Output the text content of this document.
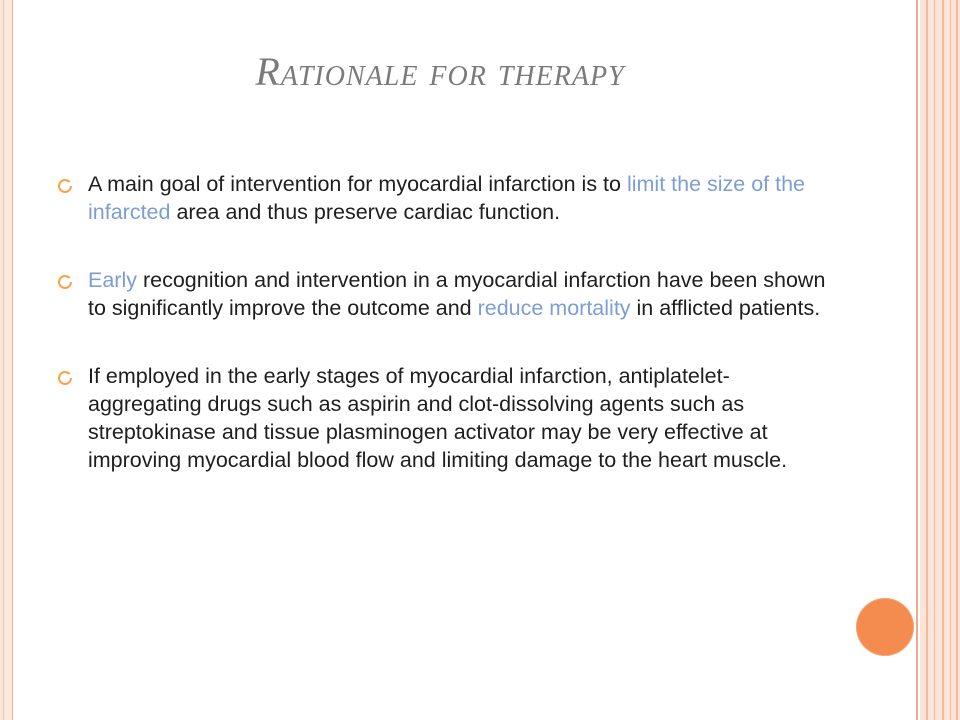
Rationale for therapy
A main goal of intervention for myocardial infarction is to limit the size of the infarcted area and thus preserve cardiac function.
Early recognition and intervention in a myocardial infarction have been shown to significantly improve the outcome and reduce mortality in afflicted patients.
If employed in the early stages of myocardial infarction, antiplatelet-aggregating drugs such as aspirin and clot-dissolving agents such as streptokinase and tissue plasminogen activator may be very effective at improving myocardial blood flow and limiting damage to the heart muscle.
